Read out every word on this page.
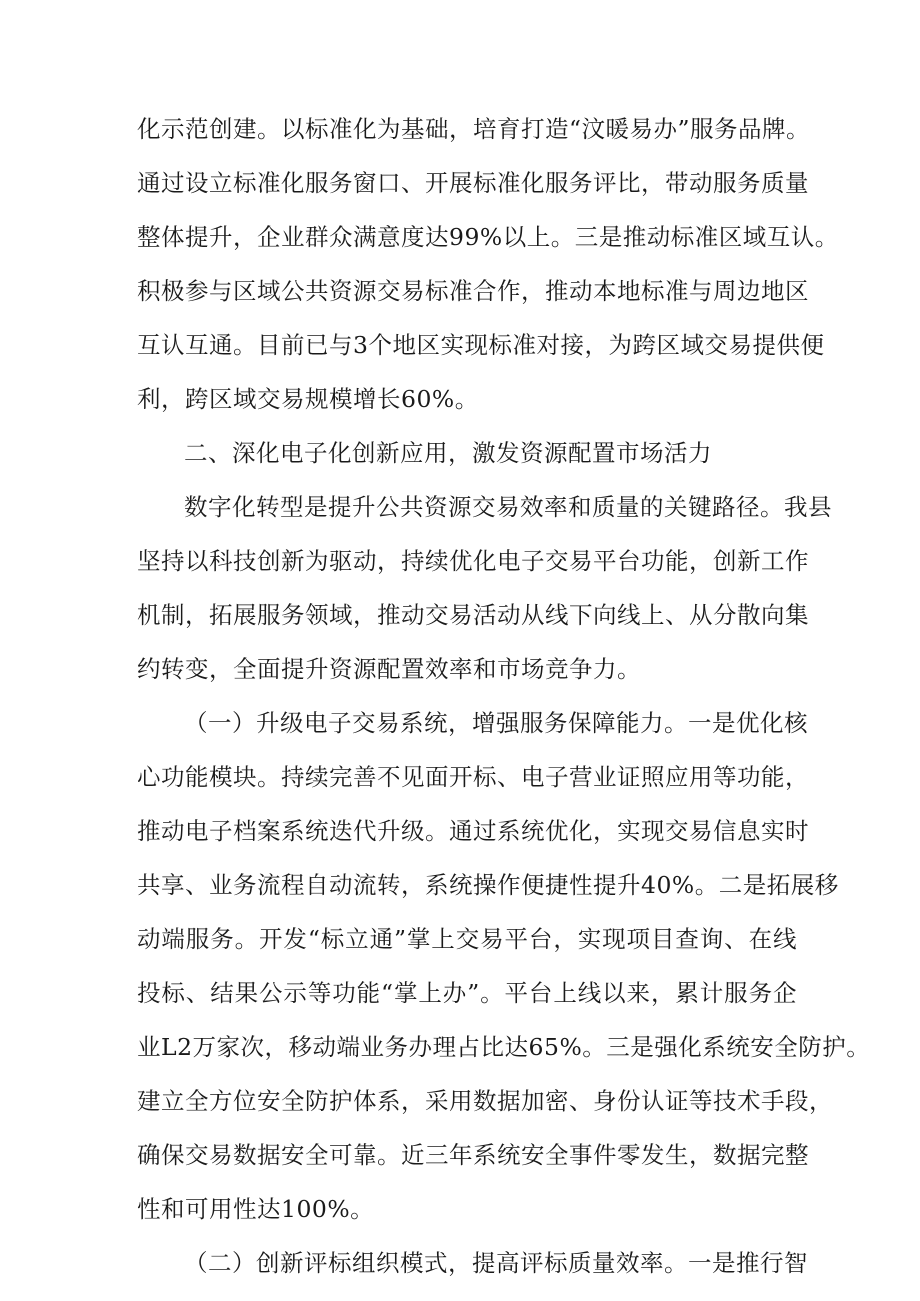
化示范创建。以标准化为基础，培育打造“汶暖易办”服务品牌。
通过设立标准化服务窗口、开展标准化服务评比，带动服务质量
整体提升，企业群众满意度达99%以上。三是推动标准区域互认。
积极参与区域公共资源交易标准合作，推动本地标准与周边地区
互认互通。目前已与3个地区实现标准对接，为跨区域交易提供便
利，跨区域交易规模增长60%。
二、深化电子化创新应用，激发资源配置市场活力
数字化转型是提升公共资源交易效率和质量的关键路径。我县
坚持以科技创新为驱动，持续优化电子交易平台功能，创新工作
机制，拓展服务领域，推动交易活动从线下向线上、从分散向集
约转变，全面提升资源配置效率和市场竞争力。
（一）升级电子交易系统，增强服务保障能力。一是优化核
心功能模块。持续完善不见面开标、电子营业证照应用等功能，
推动电子档案系统迭代升级。通过系统优化，实现交易信息实时
共享、业务流程自动流转，系统操作便捷性提升40%。二是拓展移
动端服务。开发“标立通”掌上交易平台，实现项目查询、在线
投标、结果公示等功能“掌上办”。平台上线以来，累计服务企
业L2万家次，移动端业务办理占比达65%。三是强化系统安全防护。
建立全方位安全防护体系，采用数据加密、身份认证等技术手段，
确保交易数据安全可靠。近三年系统安全事件零发生，数据完整
性和可用性达100%。
（二）创新评标组织模式，提高评标质量效率。一是推行智
